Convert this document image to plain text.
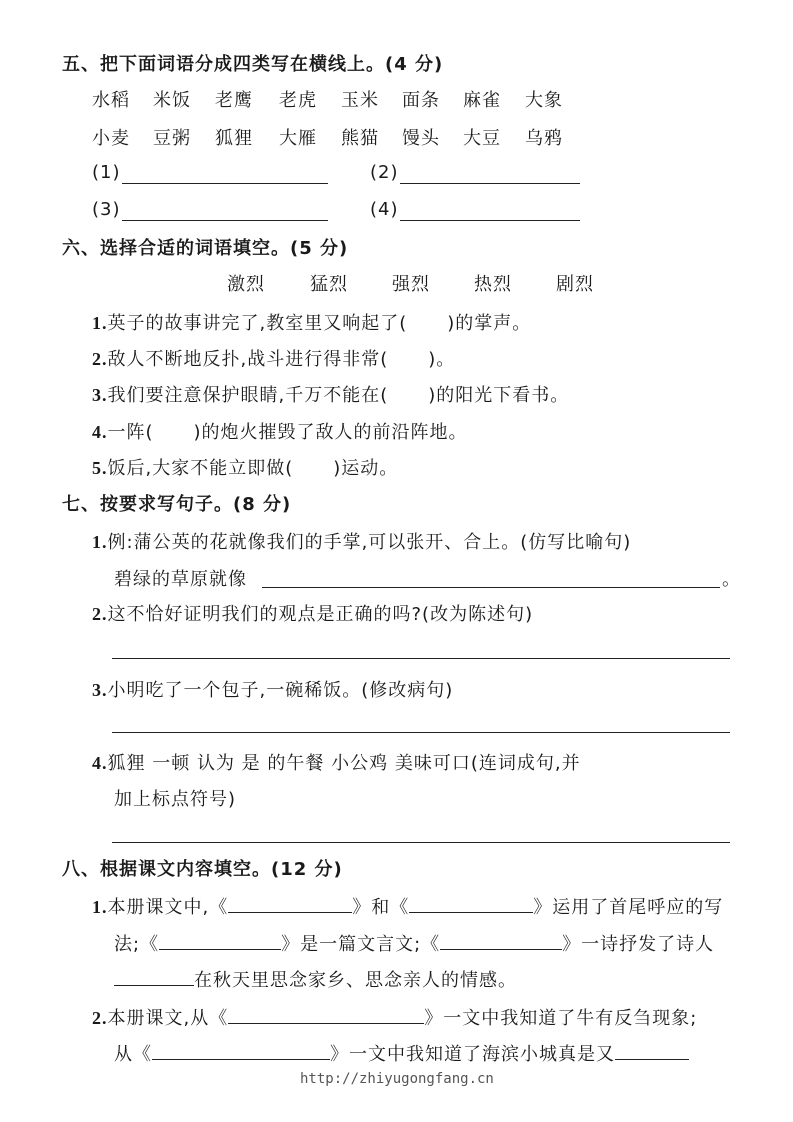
五、把下面词语分成四类写在横线上。(4 分)
水稻 米饭 老鹰 老虎 玉米 面条 麻雀 大象
小麦 豆粥 狐狸 大雁 熊猫 馒头 大豆 乌鸦
(1)	(2)
(3)	(4)
六、选择合适的词语填空。(5 分)
激烈	猛烈 强烈 热烈 剧烈
1.英子的故事讲完了,教室里又响起了( )的掌声。
2.敌人不断地反扑,战斗进行得非常( )。
3.我们要注意保护眼睛,千万不能在( )的阳光下看书。
4.一阵( )的炮火摧毁了敌人的前沿阵地。
5.饭后,大家不能立即做( )运动。
七、按要求写句子。(8 分)
1.例:蒲公英的花就像我们的手掌,可以张开、合上。(仿写比喻句)
碧绿的草原就像	。
2.这不恰好证明我们的观点是正确的吗?(改为陈述句)
3.小明吃了一个包子,一碗稀饭。(修改病句)
4.狐狸 一顿 认为 是 的午餐 小公鸡 美味可口(连词成句,并
加上标点符号)
八、根据课文内容填空。(12 分)
1.本册课文中,《	》和《	》运用了首尾呼应的写
法;《	》是一篇文言文;《	》一诗抒发了诗人
在秋天里思念家乡、思念亲人的情感。
2.本册课文,从《	》一文中我知道了牛有反刍现象;
从《	》一文中我知道了海滨小城真是又
http://zhiyugongfang.cn
